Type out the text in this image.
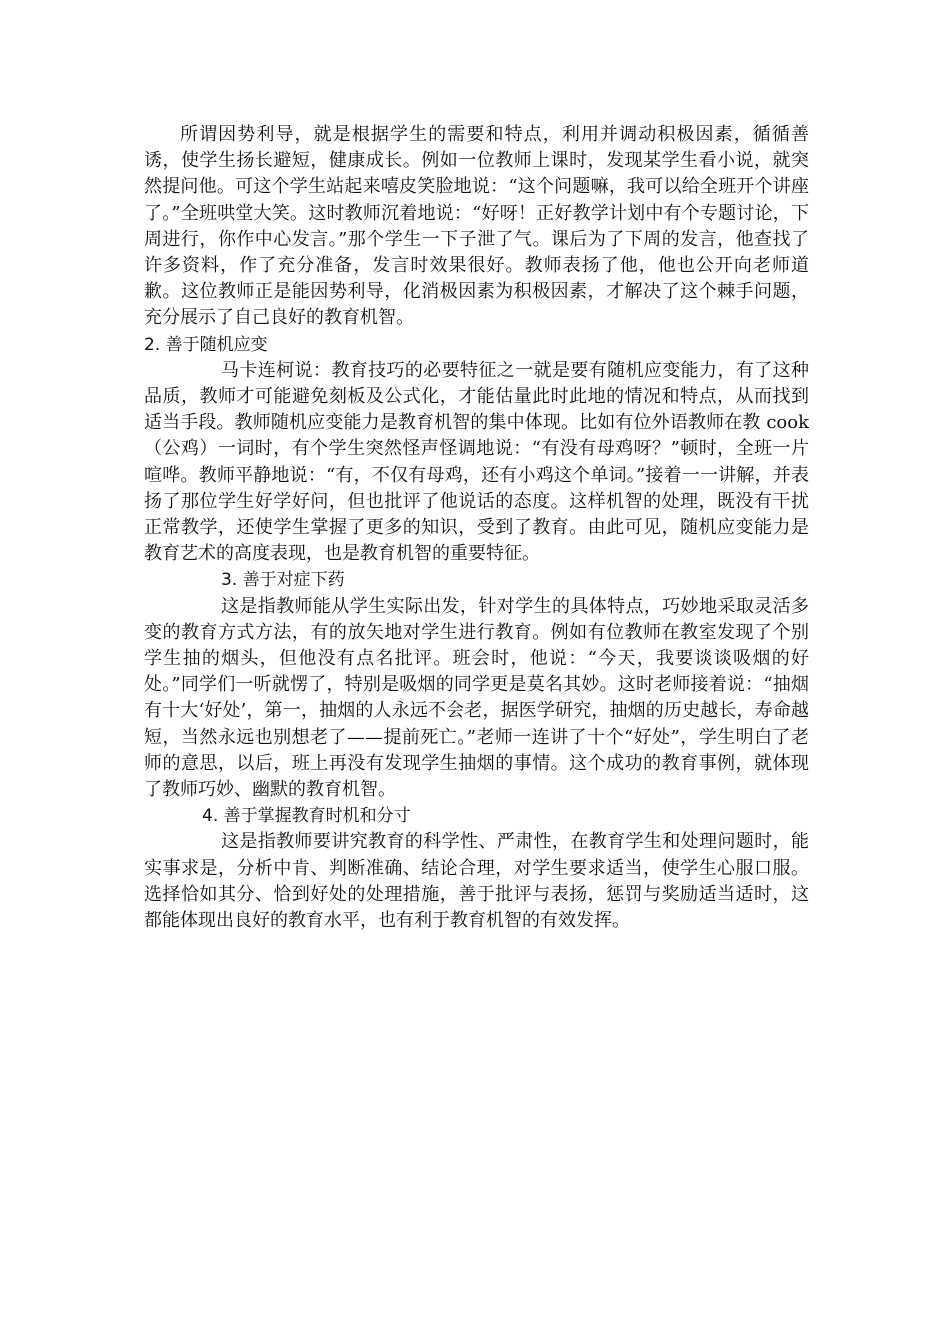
所谓因势利导，就是根据学生的需要和特点，利用并调动积极因素，循循善诱，使学生扬长避短，健康成长。例如一位教师上课时，发现某学生看小说，就突然提问他。可这个学生站起来嘻皮笑脸地说：“这个问题嘛，我可以给全班开个讲座了。”全班哄堂大笑。这时教师沉着地说：“好呀！正好教学计划中有个专题讨论，下周进行，你作中心发言。”那个学生一下子泄了气。课后为了下周的发言，他查找了许多资料，作了充分准备，发言时效果很好。教师表扬了他，他也公开向老师道歉。这位教师正是能因势利导，化消极因素为积极因素，才解决了这个棘手问题，充分展示了自己良好的教育机智。

2. 善于随机应变

马卡连柯说：教育技巧的必要特征之一就是要有随机应变能力，有了这种品质，教师才可能避免刻板及公式化，才能估量此时此地的情况和特点，从而找到适当手段。教师随机应变能力是教育机智的集中体现。比如有位外语教师在教 cook （公鸡）一词时，有个学生突然怪声怪调地说：“有没有母鸡呀？”顿时，全班一片喧哗。教师平静地说：“有，不仅有母鸡，还有小鸡这个单词。”接着一一讲解，并表扬了那位学生好学好问，但也批评了他说话的态度。这样机智的处理，既没有干扰正常教学，还使学生掌握了更多的知识，受到了教育。由此可见，随机应变能力是教育艺术的高度表现，也是教育机智的重要特征。

3. 善于对症下药

这是指教师能从学生实际出发，针对学生的具体特点，巧妙地采取灵活多变的教育方式方法，有的放矢地对学生进行教育。例如有位教师在教室发现了个别学生抽的烟头，但他没有点名批评。班会时，他说：“今天，我要谈谈吸烟的好处。”同学们一听就愣了，特别是吸烟的同学更是莫名其妙。这时老师接着说：“抽烟有十大‘好处’，第一，抽烟的人永远不会老，据医学研究，抽烟的历史越长，寿命越短，当然永远也别想老了——提前死亡。”老师一连讲了十个“好处”，学生明白了老师的意思，以后，班上再没有发现学生抽烟的事情。这个成功的教育事例，就体现了教师巧妙、幽默的教育机智。

4. 善于掌握教育时机和分寸

这是指教师要讲究教育的科学性、严肃性，在教育学生和处理问题时，能实事求是，分析中肯、判断准确、结论合理，对学生要求适当，使学生心服口服。选择恰如其分、恰到好处的处理措施，善于批评与表扬，惩罚与奖励适当适时，这都能体现出良好的教育水平，也有利于教育机智的有效发挥。
